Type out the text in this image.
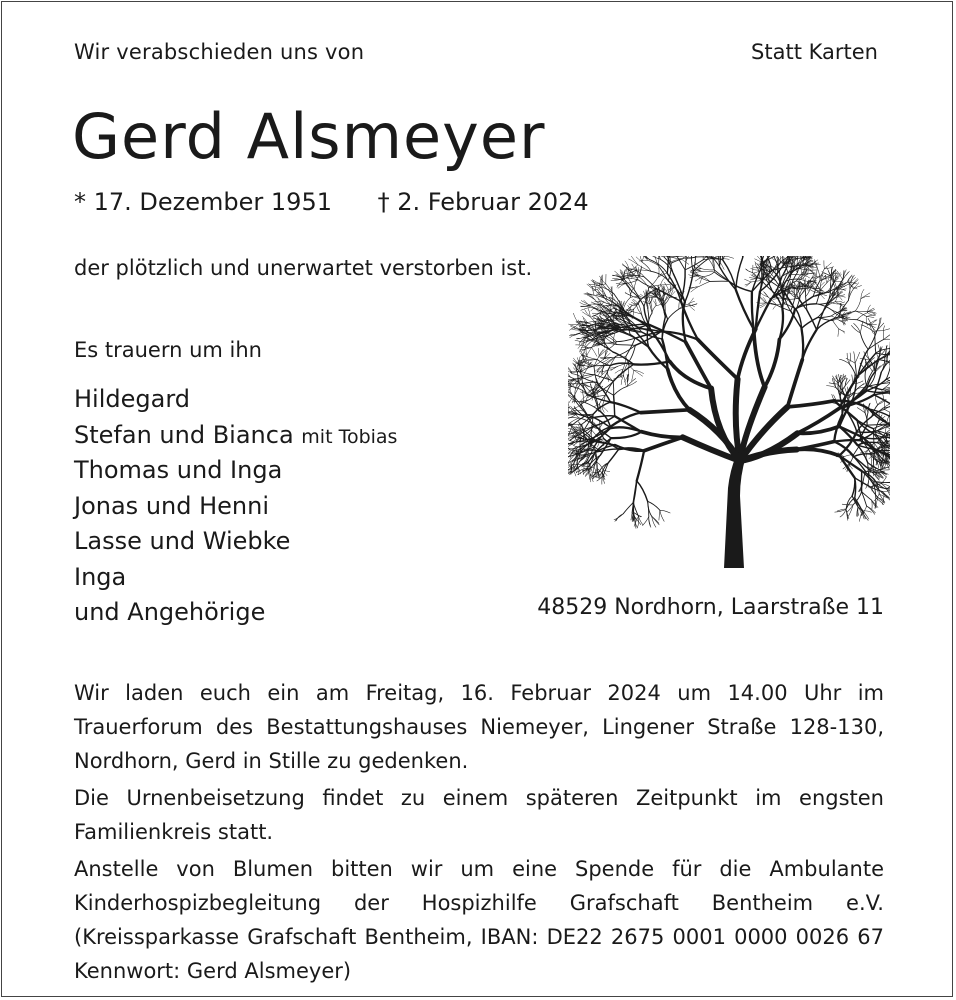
Wir verabschieden uns von	Statt Karten
Gerd Alsmeyer
* 17. Dezember 1951 † 2. Februar 2024
der plötzlich und unerwartet verstorben ist.
Es trauern um ihn
Hildegard
Stefan und Bianca mit Tobias
Thomas und Inga
Jonas und Henni
Lasse und Wiebke
Inga
und Angehörige	48529 Nordhorn, Laarstraße 11
Wir laden euch ein am Freitag, 16. Februar 2024 um 14.00 Uhr im Trauerforum des Bestattungshauses Niemeyer, Lingener Straße 128-130, Nordhorn, Gerd in Stille zu gedenken.
Die Urnenbeisetzung findet zu einem späteren Zeitpunkt im engsten Familienkreis statt.
Anstelle von Blumen bitten wir um eine Spende für die Ambulante Kinderhospizbegleitung der Hospizhilfe Grafschaft Bentheim e.V. (Kreissparkasse Grafschaft Bentheim, IBAN: DE22 2675 0001 0000 0026 67 Kennwort: Gerd Alsmeyer)
